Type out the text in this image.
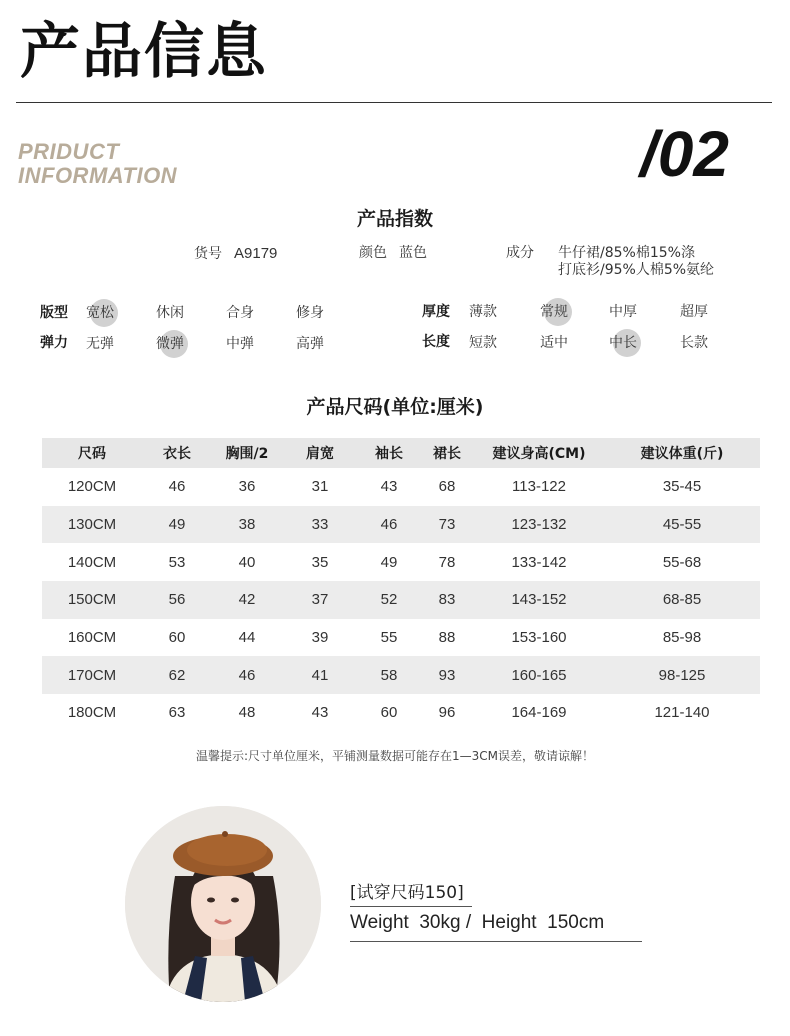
产品信息
PRIDUCT
INFORMATION	/02
产品指数
货号 A9179	颜色 蓝色	成分 牛仔裙/85%棉15%涤
打底衫/95%人棉5%氨纶
版型 宽松	休闲	合身	修身
弹力 无弹	微弹	中弹	高弹
厚度 薄款	常规	中厚	超厚
长度 短款	适中	中长	长款
产品尺码(单位:厘米)
尺码	衣长	胸围/2	肩宽	袖长	裙长	建议身高(CM)	建议体重(斤)
120CM	46	36	31	43	68	113-122	35-45
130CM	49	38	33	46	73	123-132	45-55
140CM	53	40	35	49	78	133-142	55-68
150CM	56	42	37	52	83	143-152	68-85
160CM	60	44	39	55	88	153-160	85-98
170CM	62	46	41	58	93	160-165	98-125
180CM	63	48	43	60	96	164-169	121-140
温馨提示:尺寸单位厘米，平铺测量数据可能存在1—3CM误差，敬请谅解！
[试穿尺码150]
Weight  30kg /  Height  150cm
